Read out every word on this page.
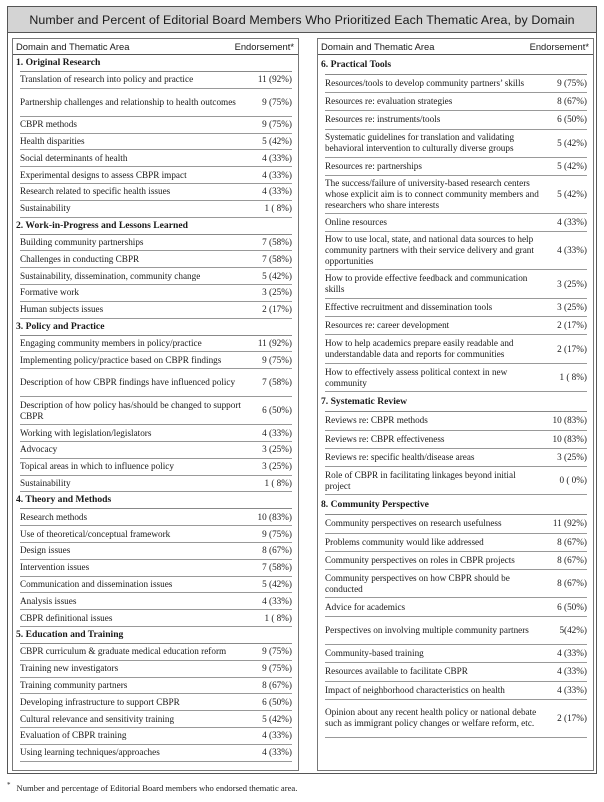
Number and Percent of Editorial Board Members Who Prioritized Each Thematic Area, by Domain
Domain and Thematic Area	Endorsement*
1. Original Research
Translation of research into policy and practice	11 (92%)
Partnership challenges and relationship to health outcomes	9 (75%)
CBPR methods	9 (75%)
Health disparities	5 (42%)
Social determinants of health	4 (33%)
Experimental designs to assess CBPR impact	4 (33%)
Research related to specific health issues	4 (33%)
Sustainability	1 ( 8%)
2. Work-in-Progress and Lessons Learned
Building community partnerships	7 (58%)
Challenges in conducting CBPR	7 (58%)
Sustainability, dissemination, community change	5 (42%)
Formative work	3 (25%)
Human subjects issues	2 (17%)
3. Policy and Practice
Engaging community members in policy/practice	11 (92%)
Implementing policy/practice based on CBPR findings	9 (75%)
Description of how CBPR findings have influenced policy	7 (58%)
Description of how policy has/should be changed to support CBPR
6 (50%)
Working with legislation/legislators	4 (33%)
Advocacy	3 (25%)
Topical areas in which to influence policy	3 (25%)
Sustainability	1 ( 8%)
4. Theory and Methods
Research methods	10 (83%)
Use of theoretical/conceptual framework	9 (75%)
Design issues	8 (67%)
Intervention issues	7 (58%)
Communication and dissemination issues	5 (42%)
Analysis issues	4 (33%)
CBPR definitional issues	1 ( 8%)
5. Education and Training
CBPR curriculum & graduate medical education reform	9 (75%)
Training new investigators	9 (75%)
Training community partners	8 (67%)
Developing infrastructure to support CBPR	6 (50%)
Cultural relevance and sensitivity training	5 (42%)
Evaluation of CBPR training	4 (33%)
Using learning techniques/approaches	4 (33%)
Domain and Thematic Area	Endorsement*
6. Practical Tools
Resources/tools to develop community partners’ skills	9 (75%)
Resources re: evaluation strategies	8 (67%)
Resources re: instruments/tools	6 (50%)
Systematic guidelines for translation and validating behavioral intervention to culturally diverse groups
5 (42%)
Resources re: partnerships	5 (42%)
The success/failure of university-based research centers whose explicit aim is to connect community members and researchers who share interests
5 (42%)
Online resources	4 (33%)
How to use local, state, and national data sources to help community partners with their service delivery and grant opportunities
4 (33%)
How to provide effective feedback and communication skills
3 (25%)
Effective recruitment and dissemination tools	3 (25%)
Resources re: career development	2 (17%)
How to help academics prepare easily readable and understandable data and reports for communities
2 (17%)
How to effectively assess political context in new community
1 ( 8%)
7. Systematic Review
Reviews re: CBPR methods	10 (83%)
Reviews re: CBPR effectiveness	10 (83%)
Reviews re: specific health/disease areas	3 (25%)
Role of CBPR in facilitating linkages beyond initial project
0 ( 0%)
8. Community Perspective
Community perspectives on research usefulness	11 (92%)
Problems community would like addressed	8 (67%)
Community perspectives on roles in CBPR projects	8 (67%)
Community perspectives on how CBPR should be conducted
8 (67%)
Advice for academics	6 (50%)
Perspectives on involving multiple community partners	5(42%)
Community-based training	4 (33%)
Resources available to facilitate CBPR	4 (33%)
Impact of neighborhood characteristics on health	4 (33%)
Opinion about any recent health policy or national debate such as immigrant policy changes or welfare reform, etc.
2 (17%)
* Number and percentage of Editorial Board members who endorsed thematic area.
